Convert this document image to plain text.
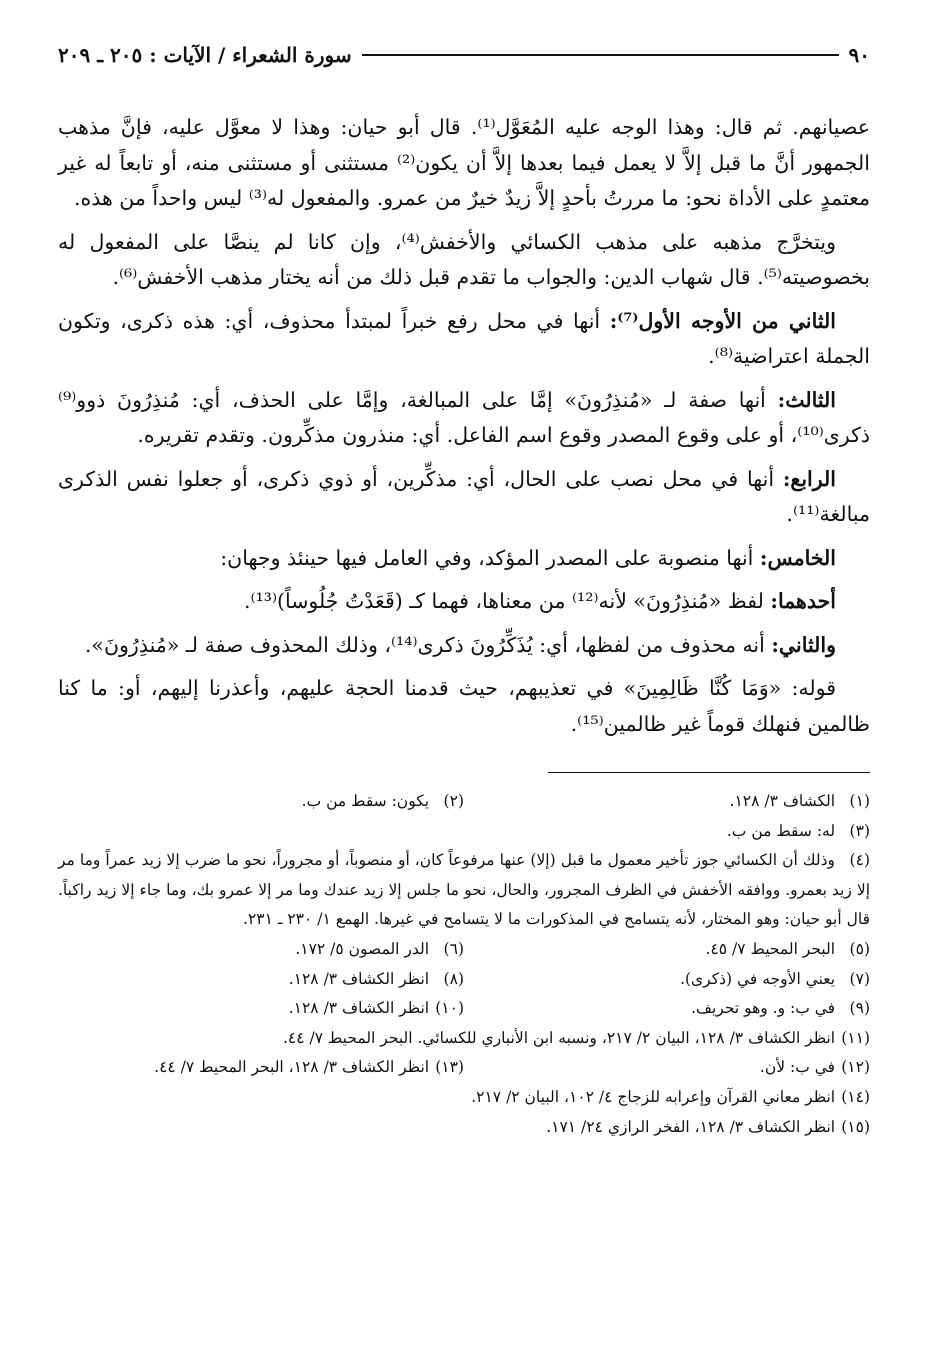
٩٠
سورة الشعراء / الآيات : ٢٠٥ ـ ٢٠٩

عصيانهم. ثم قال: وهذا الوجه عليه المُعَوَّل⁽¹⁾. قال أبو حيان: وهذا لا معوَّل عليه، فإنَّ مذهب الجمهور أنَّ ما قبل إلاَّ لا يعمل فيما بعدها إلاَّ أن يكون⁽²⁾ مستثنى أو مستثنى منه، أو تابعاً له غير معتمدٍ على الأداة نحو: ما مررتُ بأحدٍ إلاَّ زيدٌ خيرٌ من عمرو. والمفعول له⁽³⁾ ليس واحداً من هذه.

ويتخرَّج مذهبه على مذهب الكسائي والأخفش⁽⁴⁾، وإن كانا لم ينصَّا على المفعول له بخصوصيته⁽⁵⁾. قال شهاب الدين: والجواب ما تقدم قبل ذلك من أنه يختار مذهب الأخفش⁽⁶⁾.

الثاني من الأوجه الأول⁽⁷⁾: أنها في محل رفع خبراً لمبتدأ محذوف، أي: هذه ذكرى، وتكون الجملة اعتراضية⁽⁸⁾.

الثالث: أنها صفة لـ «مُنذِرُونَ» إمَّا على المبالغة، وإمَّا على الحذف، أي: مُنذِرُونَ ذوو⁽⁹⁾ ذكرى⁽¹⁰⁾، أو على وقوع المصدر وقوع اسم الفاعل. أي: منذرون مذكِّرون. وتقدم تقريره.

الرابع: أنها في محل نصب على الحال، أي: مذكِّرين، أو ذوي ذكرى، أو جعلوا نفس الذكرى مبالغة⁽¹¹⁾.

الخامس: أنها منصوبة على المصدر المؤكد، وفي العامل فيها حينئذ وجهان:

أحدهما: لفظ «مُنذِرُونَ» لأنه⁽¹²⁾ من معناها، فهما كـ (قَعَدْتُ جُلُوساً)⁽¹³⁾.

والثاني: أنه محذوف من لفظها، أي: يُذَكِّرُونَ ذكرى⁽¹⁴⁾، وذلك المحذوف صفة لـ «مُنذِرُونَ».

قوله: «وَمَا كُنَّا ظَالِمِينَ» في تعذيبهم، حيث قدمنا الحجة عليهم، وأعذرنا إليهم، أو: ما كنا ظالمين فنهلك قوماً غير ظالمين⁽¹⁵⁾.

(١) الكشاف ٣/ ١٢٨.
(٢) يكون: سقط من ب.
(٣) له: سقط من ب.
(٤) وذلك أن الكسائي جوز تأخير معمول ما قبل (إلا) عنها مرفوعاً كان، أو منصوباً، أو مجروراً، نحو ما ضرب إلا زيد عمراً وما مر إلا زيد بعمرو. ووافقه الأخفش في الظرف المجرور، والحال، نحو ما جلس إلا زيد عندك وما مر إلا عمرو بك، وما جاء إلا زيد راكباً. قال أبو حيان: وهو المختار، لأنه يتسامح في المذكورات ما لا يتسامح في غيرها. الهمع ١/ ٢٣٠ ـ ٢٣١.
(٥) البحر المحيط ٧/ ٤٥.
(٦) الدر المصون ٥/ ١٧٢.
(٧) يعني الأوجه في (ذكرى).
(٨) انظر الكشاف ٣/ ١٢٨.
(٩) في ب: و. وهو تحريف.
(١٠) انظر الكشاف ٣/ ١٢٨.
(١١) انظر الكشاف ٣/ ١٢٨، البيان ٢/ ٢١٧، ونسبه ابن الأنباري للكسائي. البحر المحيط ٧/ ٤٤.
(١٢) في ب: لأن.
(١٣) انظر الكشاف ٣/ ١٢٨، البحر المحيط ٧/ ٤٤.
(١٤) انظر معاني القرآن وإعرابه للزجاج ٤/ ١٠٢، البيان ٢/ ٢١٧.
(١٥) انظر الكشاف ٣/ ١٢٨، الفخر الرازي ٢٤/ ١٧١.
